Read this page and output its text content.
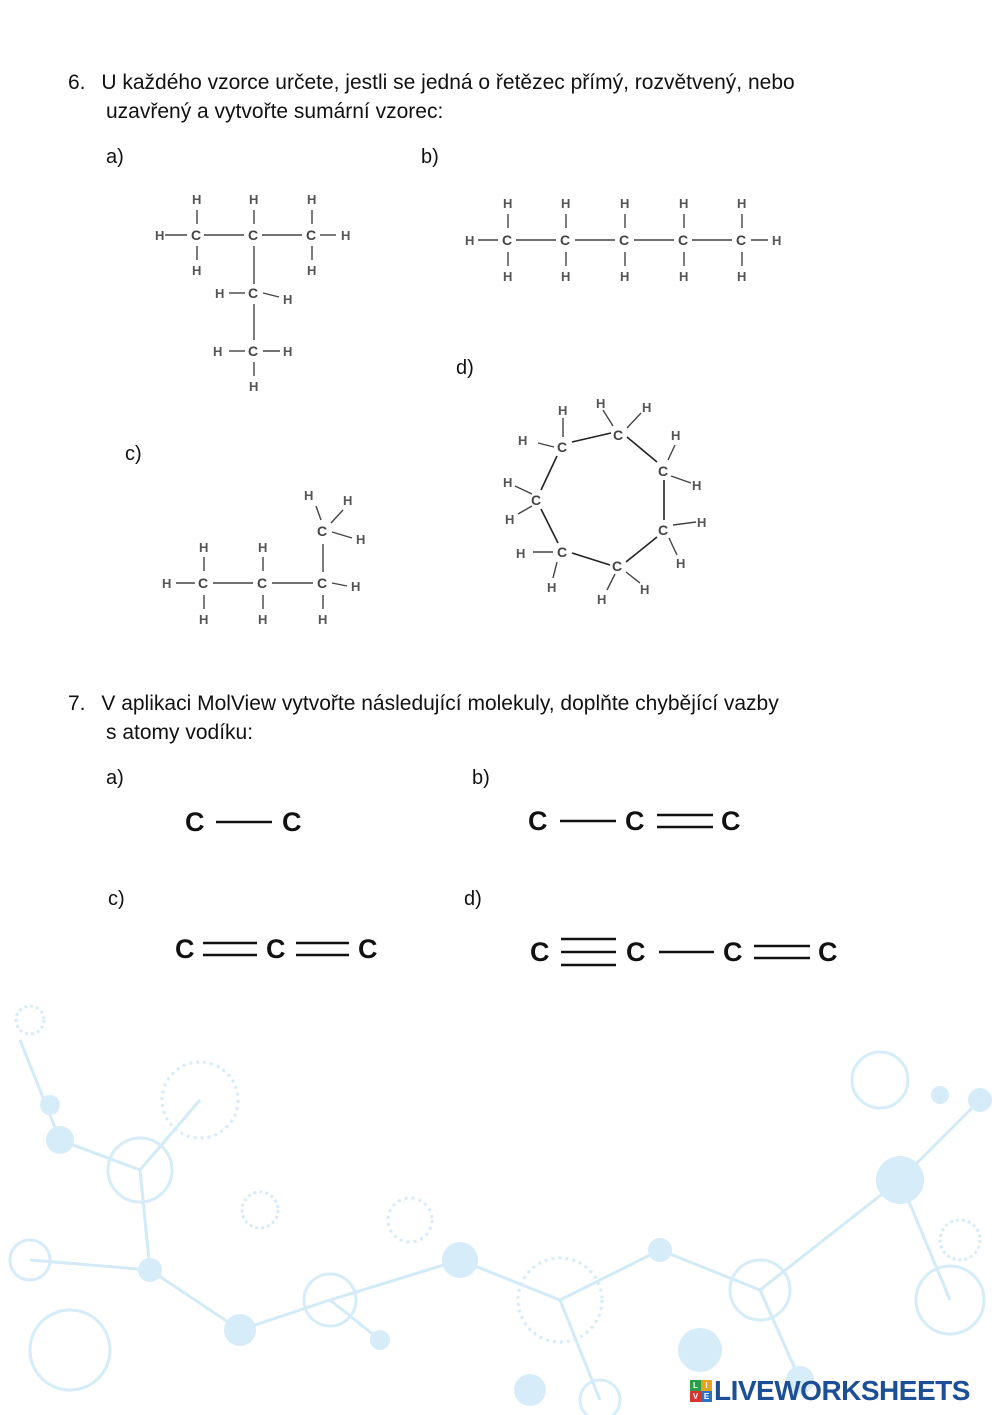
6. U každého vzorce určete, jestli se jedná o řetězec přímý, rozvětvený, nebo
uzavřený a vytvořte sumární vzorec:
a)	b)
c)
d)
H C	C	C H
H
H
H	H
H
H C H
H C H
H
H C	C	C	C	C H
H
H
H
H
H
H
H
H
H
H
H C	C	C H
H
H
H
H	H
C
H H
H
C
C
C
C
C
C
C
H
H
H	H
H
H
H
H
H
H
H
H
H
H
7. V aplikaci MolView vytvořte následující molekuly, doplňte chybějící vazby
s atomy vodíku:
a)	b)
c)	d)
C	C	C	C	C
C	C	C	C	C	C	C
L I
V E LIVEWORKSHEETS
